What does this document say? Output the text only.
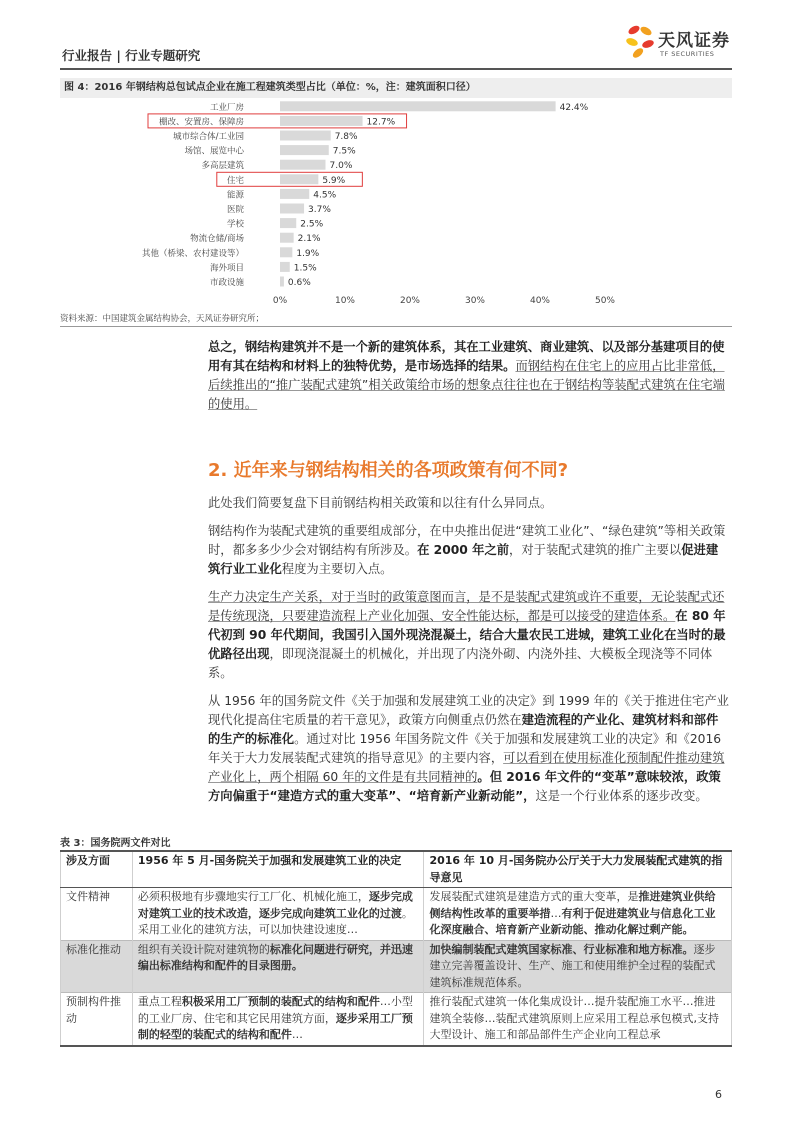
行业报告 | 行业专题研究
天风证券
TF SECURITIES
图 4：2016 年钢结构总包试点企业在施工程建筑类型占比（单位：%，注：建筑面积口径）
工业厂房	42.4%
棚改、安置房、保障房	12.7%
城市综合体/工业园	7.8%
场馆、展览中心	7.5%
多高层建筑	7.0%
住宅	5.9%
能源	4.5%
医院	3.7%
学校	2.5%
物流仓储/商场	2.1%
其他（桥梁、农村建设等）	1.9%
海外项目	1.5%
市政设施	0.6%
0%	10%	20%	30%	40%	50%
资料来源：中国建筑金属结构协会，天风证券研究所；
总之，钢结构建筑并不是一个新的建筑体系，其在工业建筑、商业建筑、以及部分基建项目的使用有其在结构和材料上的独特优势，是市场选择的结果。而钢结构在住宅上的应用占比非常低，后续推出的“推广装配式建筑”相关政策给市场的想象点往往也在于钢结构等装配式建筑在住宅端的使用。
2. 近年来与钢结构相关的各项政策有何不同?
此处我们简要复盘下目前钢结构相关政策和以往有什么异同点。
钢结构作为装配式建筑的重要组成部分，在中央推出促进“建筑工业化”、“绿色建筑”等相关政策时，都多多少少会对钢结构有所涉及。在 2000 年之前，对于装配式建筑的推广主要以促进建筑行业工业化程度为主要切入点。
生产力决定生产关系，对于当时的政策意图而言，是不是装配式建筑或许不重要，无论装配式还是传统现浇，只要建造流程上产业化加强、安全性能达标，都是可以接受的建造体系。在 80 年代初到 90 年代期间，我国引入国外现浇混凝土，结合大量农民工进城，建筑工业化在当时的最优路径出现，即现浇混凝土的机械化，并出现了内浇外砌、内浇外挂、大模板全现浇等不同体系。
从 1956 年的国务院文件《关于加强和发展建筑工业的决定》到 1999 年的《关于推进住宅产业现代化提高住宅质量的若干意见》，政策方向侧重点仍然在建造流程的产业化、建筑材料和部件的生产的标准化。通过对比 1956 年国务院文件《关于加强和发展建筑工业的决定》和《2016 年关于大力发展装配式建筑的指导意见》的主要内容，可以看到在使用标准化预制配件推动建筑产业化上，两个相隔 60 年的文件是有共同精神的。但 2016 年文件的“变革”意味较浓，政策方向偏重于“建造方式的重大变革”、“培育新产业新动能”，这是一个行业体系的逐步改变。
表 3：国务院两文件对比
涉及方面	1956 年 5 月-国务院关于加强和发展建筑工业的决定	2016 年 10 月-国务院办公厅关于大力发展装配式建筑的指导意见
文件精神	必须积极地有步骤地实行工厂化、机械化施工，逐步完成对建筑工业的技术改造，逐步完成向建筑工业化的过渡。采用工业化的建筑方法，可以加快建设速度…	发展装配式建筑是建造方式的重大变革，是推进建筑业供给侧结构性改革的重要举措…有利于促进建筑业与信息化工业化深度融合、培育新产业新动能、推动化解过剩产能。
标准化推动	组织有关设计院对建筑物的标准化问题进行研究，并迅速编出标准结构和配件的目录图册。	加快编制装配式建筑国家标准、行业标准和地方标准。逐步建立完善覆盖设计、生产、施工和使用维护全过程的装配式建筑标准规范体系。
预制构件推动	重点工程积极采用工厂预制的装配式的结构和配件…小型的工业厂房、住宅和其它民用建筑方面，逐步采用工厂预制的轻型的装配式的结构和配件…	推行装配式建筑一体化集成设计…提升装配施工水平…推进建筑全装修…装配式建筑原则上应采用工程总承包模式,支持大型设计、施工和部品部件生产企业向工程总承
6
